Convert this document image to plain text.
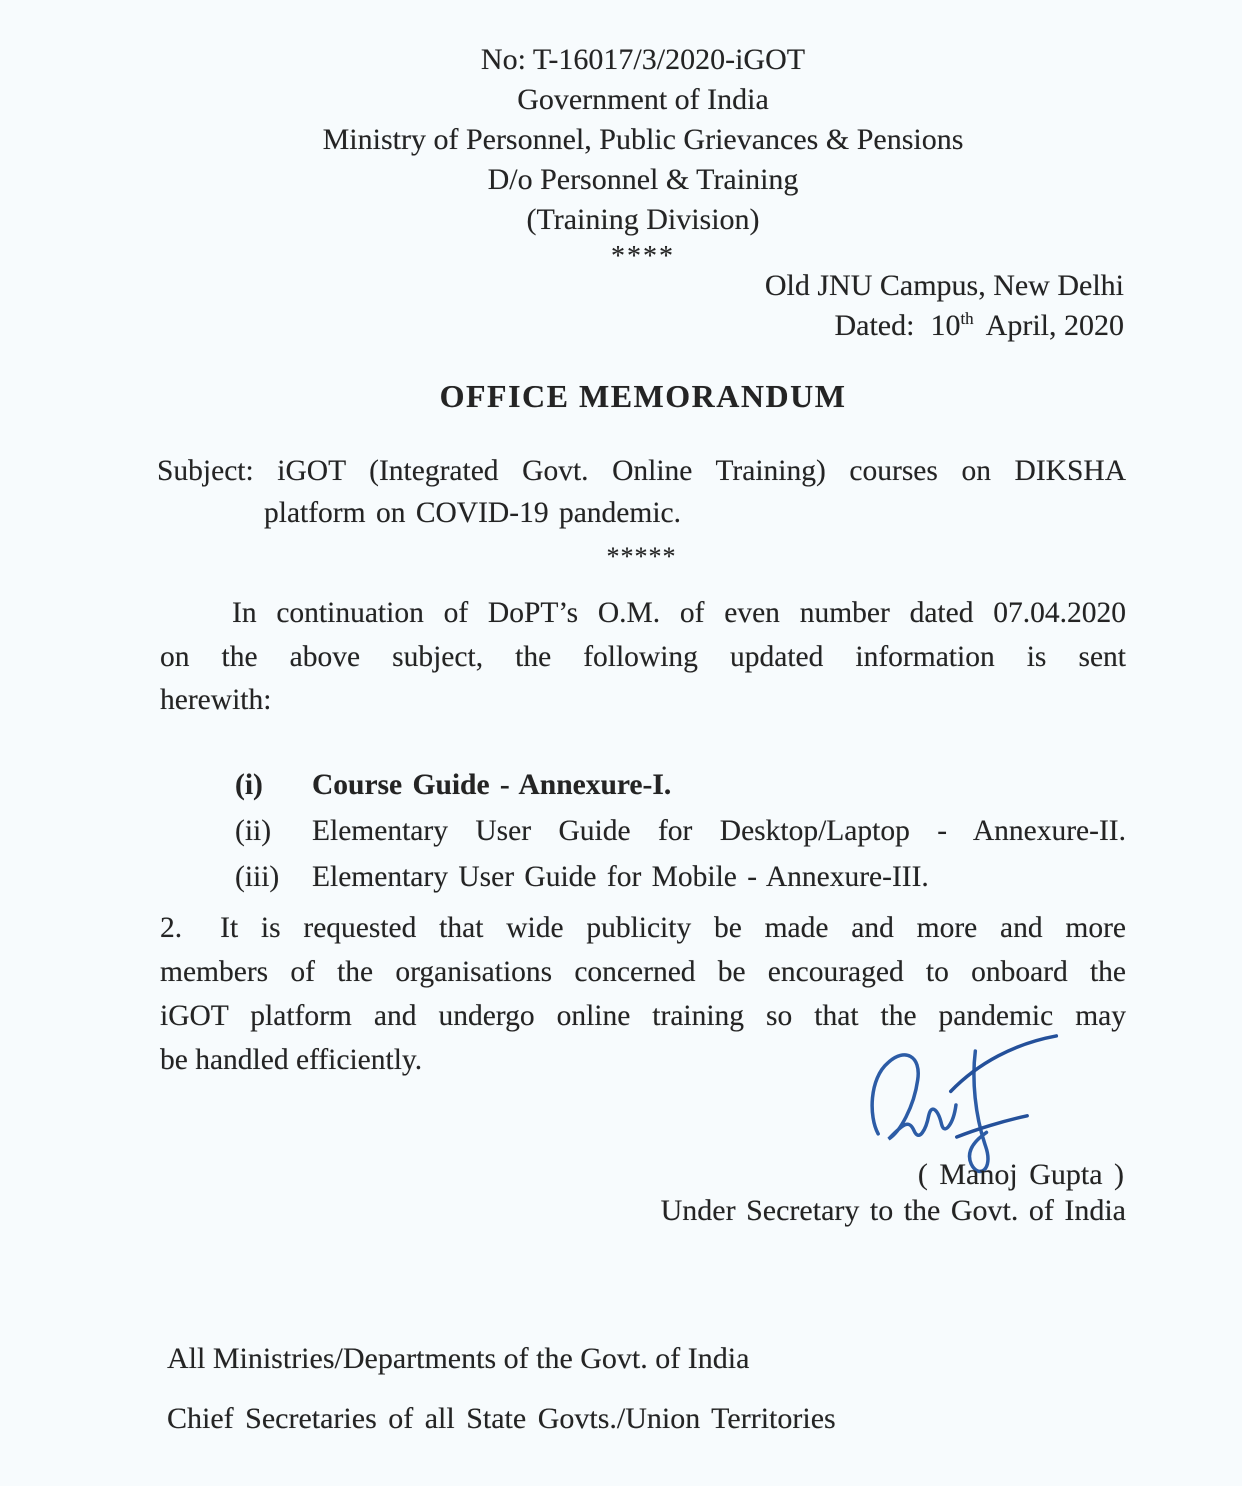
No: T-16017/3/2020-iGOT
Government of India
Ministry of Personnel, Public Grievances & Pensions
D/o Personnel & Training
(Training Division)
****
Old JNU Campus, New Delhi
Dated: 10th April, 2020
OFFICE MEMORANDUM
Subject: iGOT (Integrated Govt. Online Training) courses on DIKSHA
platform on COVID-19 pandemic.
*****
In continuation of DoPT’s O.M. of even number dated 07.04.2020
on the above subject, the following updated information is sent
herewith:
(i)	Course Guide - Annexure-I.
(ii)	Elementary User Guide for Desktop/Laptop - Annexure-II.
(iii)	Elementary User Guide for Mobile - Annexure-III.
2. It is requested that wide publicity be made and more and more
members of the organisations concerned be encouraged to onboard the
iGOT platform and undergo online training so that the pandemic may
be handled efficiently.
( Manoj Gupta )
Under Secretary to the Govt. of India
All Ministries/Departments of the Govt. of India
Chief Secretaries of all State Govts./Union Territories
